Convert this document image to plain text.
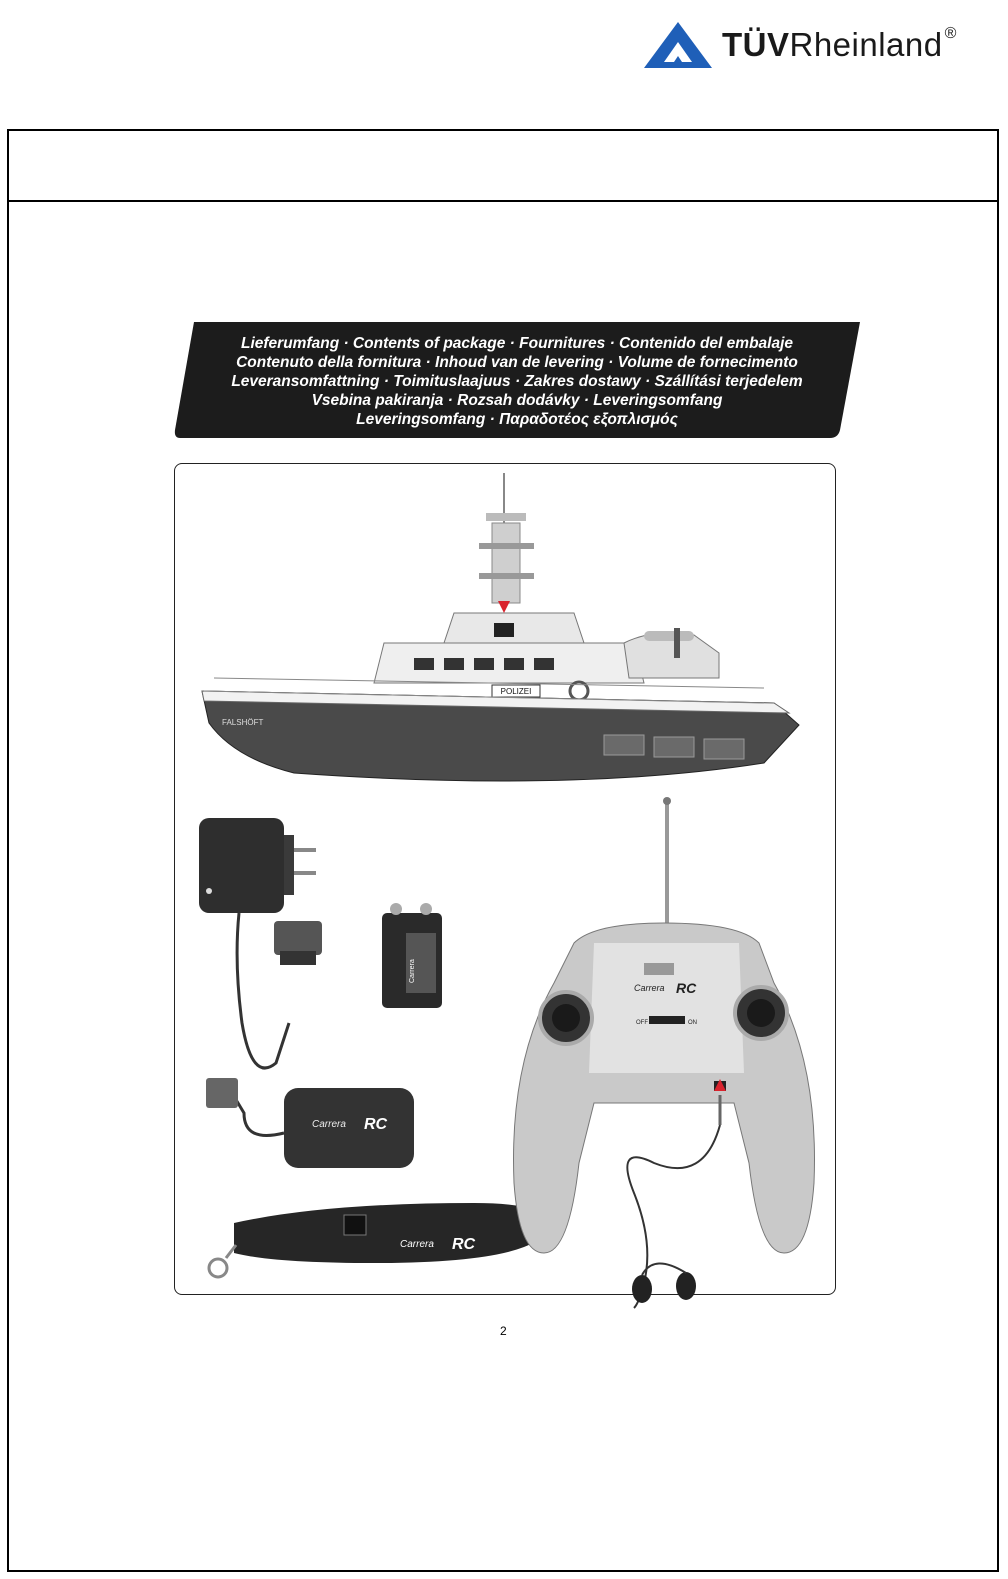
TÜVRheinland ®
Lieferumfang · Contents of package · Fournitures · Contenido del embalaje
Contenuto della fornitura · Inhoud van de levering · Volume de fornecimento
Leveransomfattning · Toimituslaajuus · Zakres dostawy · Szállítási terjedelem
Vsebina pakiranja · Rozsah dodávky · Leveringsomfang
Leveringsomfang · Παραδοτέος εξοπλισμός
POLIZEI
FALSHÖFT
Carrera
Carrera RC
Carrera RC
Carrera RC
OFF	ON
2
